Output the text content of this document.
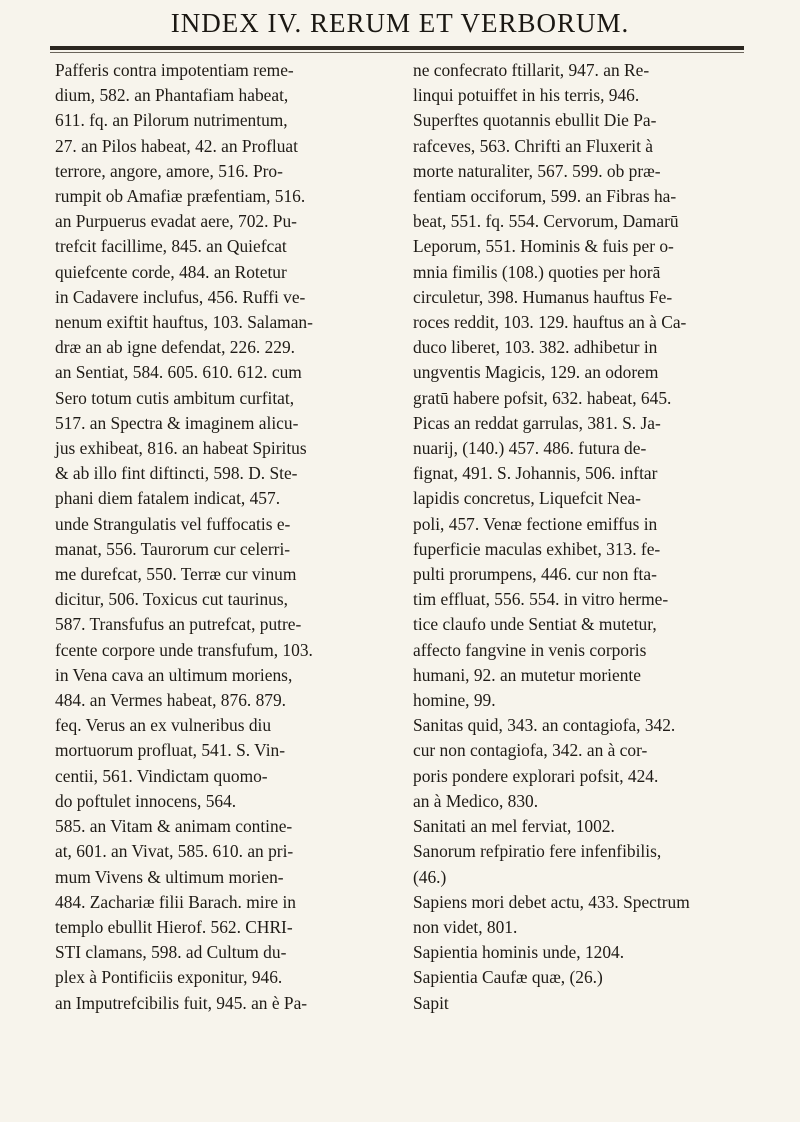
INDEX IV. RERUM ET VERBORUM.
Pafferis contra impotentiam reme-
dium, 582. an Phantafiam habeat,
611. fq. an Pilorum nutrimentum,
27. an Pilos habeat, 42. an Profluat
terrore, angore, amore, 516. Pro-
rumpit ob Amafiæ præfentiam, 516.
an Purpuerus evadat aere, 702. Pu-
trefcit facillime, 845. an Quiefcat
quiefcente corde, 484. an Rotetur
in Cadavere inclufus, 456. Ruffi ve-
nenum exiftit hauftus, 103. Salaman-
dræ an ab igne defendat, 226. 229.
an Sentiat, 584. 605. 610. 612. cum
Sero totum cutis ambitum curfitat,
517. an Spectra & imaginem alicu-
jus exhibeat, 816. an habeat Spiritus
& ab illo fint diftincti, 598. D. Ste-
phani diem fatalem indicat, 457.
unde Strangulatis vel fuffocatis e-
manat, 556. Taurorum cur celerri-
me durefcat, 550. Terræ cur vinum
dicitur, 506. Toxicus cut taurinus,
587. Transfufus an putrefcat, putre-
fcente corpore unde transfufum, 103.
in Vena cava an ultimum moriens,
484. an Vermes habeat, 876. 879.
feq. Verus an ex vulneribus diu
mortuorum profluat, 541. S. Vin-
centii, 561. Vindictam quomo-
do poftulet innocens, 564.
585. an Vitam & animam contine-
at, 601. an Vivat, 585. 610. an pri-
mum Vivens & ultimum morien-
484. Zachariæ filii Barach. mire in
templo ebullit Hierof. 562. CHRI-
STI clamans, 598. ad Cultum du-
plex à Pontificiis exponitur, 946.
an Imputrefcibilis fuit, 945. an è Pa-
ne confecrato ftillarit, 947. an Re-
linqui potuiffet in his terris, 946.
Superftes quotannis ebullit Die Pa-
rafceves, 563. Chrifti an Fluxerit à
morte naturaliter, 567. 599. ob præ-
fentiam occiforum, 599. an Fibras ha-
beat, 551. fq. 554. Cervorum, Damarū
Leporum, 551. Hominis & fuis per o-
mnia fimilis (108.) quoties per horā
circuletur, 398. Humanus hauftus Fe-
roces reddit, 103. 129. hauftus an à Ca-
duco liberet, 103. 382. adhibetur in
ungventis Magicis, 129. an odorem
gratū habere pofsit, 632. habeat, 645.
Picas an reddat garrulas, 381. S. Ja-
nuarij, (140.) 457. 486. futura de-
fignat, 491. S. Johannis, 506. inftar
lapidis concretus, Liquefcit Nea-
poli, 457. Venæ fectione emiffus in
fuperficie maculas exhibet, 313. fe-
pulti prorumpens, 446. cur non fta-
tim effluat, 556. 554. in vitro herme-
tice claufo unde Sentiat & mutetur,
affecto fangvine in venis corporis
humani, 92. an mutetur moriente
homine, 99.
Sanitas quid, 343. an contagiofa, 342.
cur non contagiofa, 342. an à cor-
poris pondere explorari pofsit, 424.
an à Medico, 830.
Sanitati an mel ferviat, 1002.
Sanorum refpiratio fere infenfibilis,
(46.)
Sapiens mori debet actu, 433. Spectrum
non videt, 801.
Sapientia hominis unde, 1204.
Sapientia Caufæ quæ, (26.)
Sapit
